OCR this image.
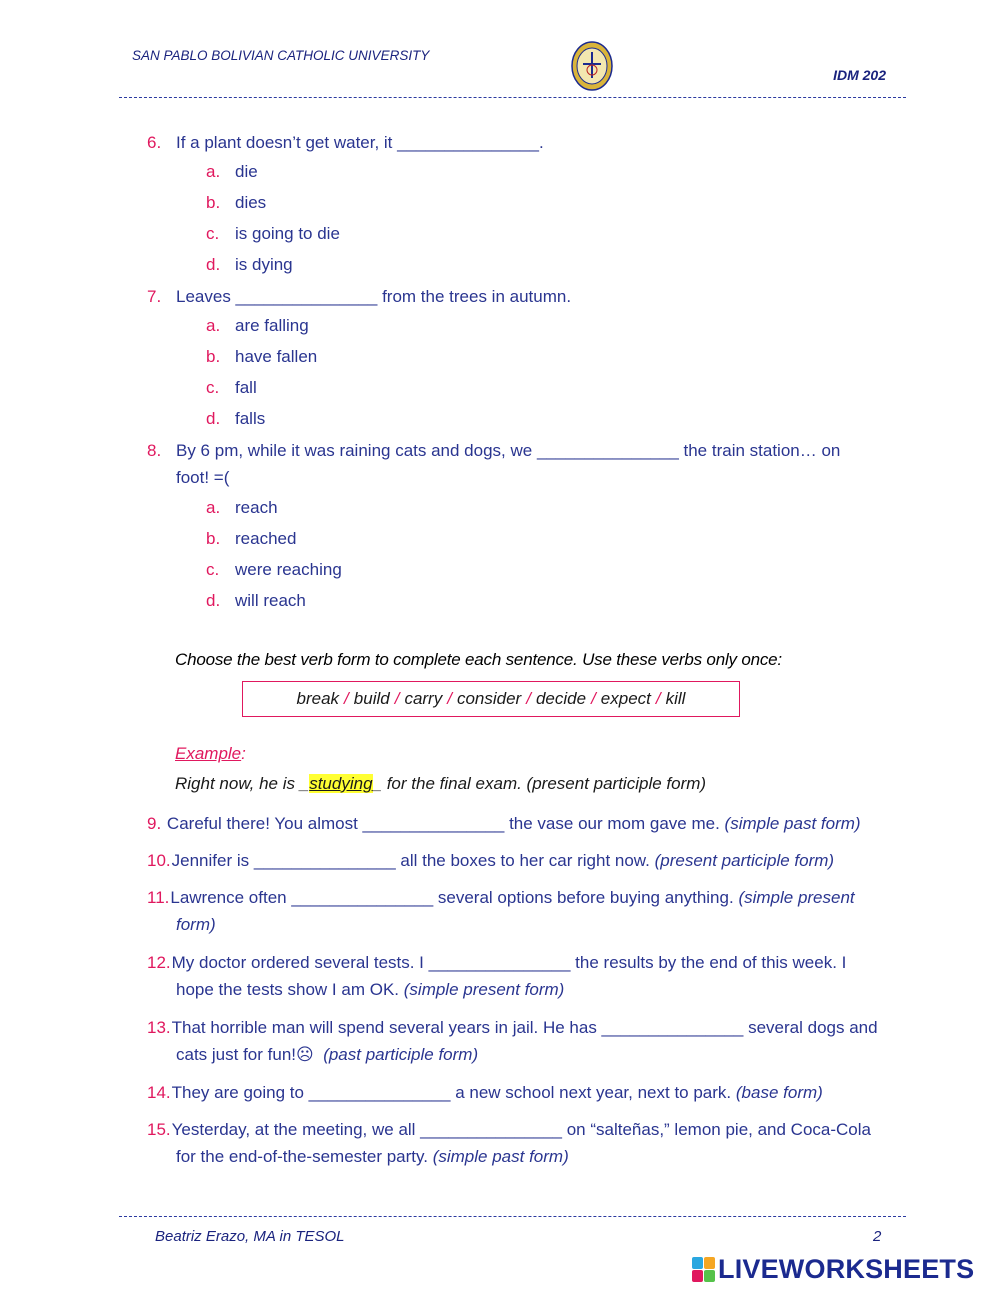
SAN PABLO BOLIVIAN CATHOLIC UNIVERSITY
IDM 202
6. If a plant doesn’t get water, it _______________.
a. die
b. dies
c. is going to die
d. is dying
7. Leaves _______________ from the trees in autumn.
a. are falling
b. have fallen
c. fall
d. falls
8. By 6 pm, while it was raining cats and dogs, we _______________ the train station… on
foot! =(
a. reach
b. reached
c. were reaching
d. will reach
Choose the best verb form to complete each sentence. Use these verbs only once:
break / build / carry / consider / decide / expect / kill
Example:
Right now, he is _studying_ for the final exam. (present participle form)
9. Careful there! You almost _______________ the vase our mom gave me. (simple past form)
10.Jennifer is _______________ all the boxes to her car right now. (present participle form)
11.Lawrence often _______________ several options before buying anything. (simple present
form)
12.My doctor ordered several tests. I _______________ the results by the end of this week. I
hope the tests show I am OK. (simple present form)
13.That horrible man will spend several years in jail. He has _______________ several dogs and
cats just for fun!☹ (past participle form)
14.They are going to _______________ a new school next year, next to park. (base form)
15.Yesterday, at the meeting, we all _______________ on “salteñas,” lemon pie, and Coca-Cola
for the end-of-the-semester party. (simple past form)
Beatriz Erazo, MA in TESOL	2
LIVEWORKSHEETS
